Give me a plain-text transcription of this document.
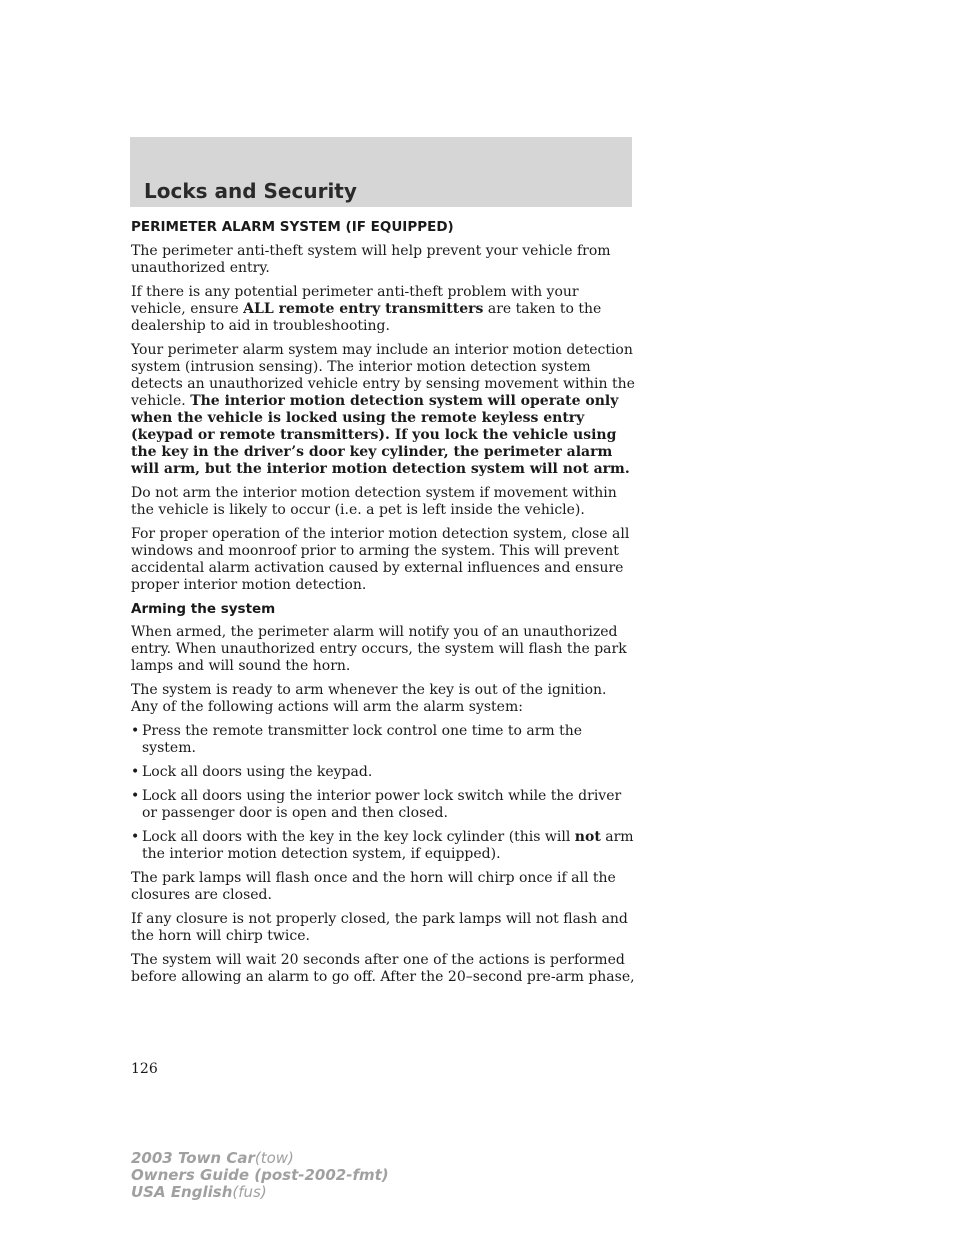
Locks and Security
PERIMETER ALARM SYSTEM (IF EQUIPPED)

The perimeter anti-theft system will help prevent your vehicle from unauthorized entry.

If there is any potential perimeter anti-theft problem with your vehicle, ensure ALL remote entry transmitters are taken to the dealership to aid in troubleshooting.

Your perimeter alarm system may include an interior motion detection system (intrusion sensing). The interior motion detection system detects an unauthorized vehicle entry by sensing movement within the vehicle. The interior motion detection system will operate only when the vehicle is locked using the remote keyless entry (keypad or remote transmitters). If you lock the vehicle using the key in the driver’s door key cylinder, the perimeter alarm will arm, but the interior motion detection system will not arm.

Do not arm the interior motion detection system if movement within the vehicle is likely to occur (i.e. a pet is left inside the vehicle).

For proper operation of the interior motion detection system, close all windows and moonroof prior to arming the system. This will prevent accidental alarm activation caused by external influences and ensure proper interior motion detection.

Arming the system

When armed, the perimeter alarm will notify you of an unauthorized entry. When unauthorized entry occurs, the system will flash the park lamps and will sound the horn.

The system is ready to arm whenever the key is out of the ignition. Any of the following actions will arm the alarm system:

• Press the remote transmitter lock control one time to arm the system.
• Lock all doors using the keypad.
• Lock all doors using the interior power lock switch while the driver or passenger door is open and then closed.
• Lock all doors with the key in the key lock cylinder (this will not arm the interior motion detection system, if equipped).

The park lamps will flash once and the horn will chirp once if all the closures are closed.

If any closure is not properly closed, the park lamps will not flash and the horn will chirp twice.

The system will wait 20 seconds after one of the actions is performed before allowing an alarm to go off. After the 20–second pre-arm phase,

126
2003 Town Car(tow)
Owners Guide (post-2002-fmt)
USA English(fus)
